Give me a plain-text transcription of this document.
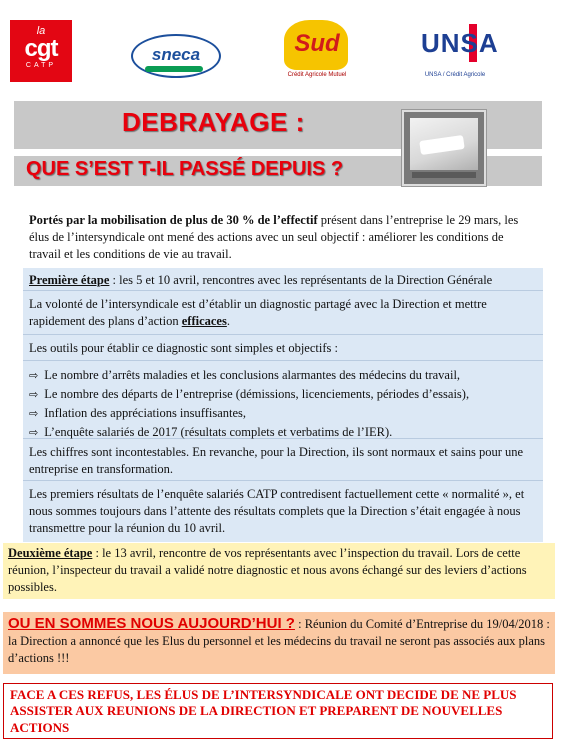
la
cgt
CATP
sneca	Sud
Crédit Agricole Mutuel
UNSA
UNSA / Crédit Agricole
DEBRAYAGE :
QUE S’EST T-IL PASSÉ DEPUIS ?

Portés par la mobilisation de plus de 30 % de l’effectif présent dans l’entreprise le 29 mars, les élus de l’intersyndicale ont mené des actions avec un seul objectif : améliorer les conditions de travail et les conditions de vie au travail.

Première étape : les 5 et 10 avril, rencontres avec les représentants de la Direction Générale

La volonté de l’intersyndicale est d’établir un diagnostic partagé avec la Direction et mettre rapidement des plans d’action efficaces.

Les outils pour établir ce diagnostic sont simples et objectifs :

⇨ Le nombre d’arrêts maladies et les conclusions alarmantes des médecins du travail,
⇨ Le nombre des départs de l’entreprise (démissions, licenciements, périodes d’essais),
⇨ Inflation des appréciations insuffisantes,
⇨ L’enquête salariés de 2017 (résultats complets et verbatims de l’IER).

Les chiffres sont incontestables. En revanche, pour la Direction, ils sont normaux et sains pour une entreprise en transformation.

Les premiers résultats de l’enquête salariés CATP contredisent factuellement cette « normalité », et nous sommes toujours dans l’attente des résultats complets que la Direction s’était engagée à nous transmettre pour la réunion du 10 avril.

Deuxième étape : le 13 avril, rencontre de vos représentants avec l’inspection du travail. Lors de cette réunion, l’inspecteur du travail a validé notre diagnostic et nous avons échangé sur des leviers d’actions possibles.

OU EN SOMMES NOUS AUJOURD’HUI ? : Réunion du Comité d’Entreprise du 19/04/2018 : la Direction a annoncé que les Elus du personnel et les médecins du travail ne seront pas associés aux plans d’actions !!!

FACE A CES REFUS, LES ÉLUS DE L’INTERSYNDICALE ONT DECIDE DE NE PLUS ASSISTER AUX REUNIONS DE LA DIRECTION ET PREPARENT DE NOUVELLES ACTIONS
